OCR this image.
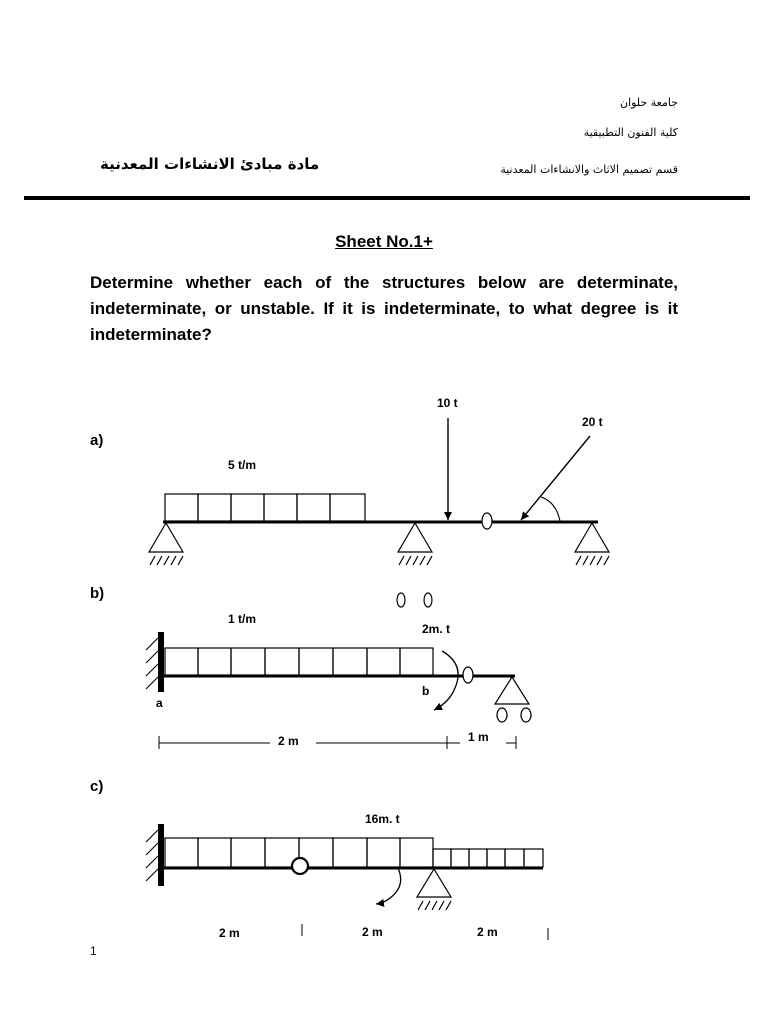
جامعة حلوان
كلية الفنون التطبيقية
قسم تصميم الاثاث والانشاءات المعدنية
مادة مبادئ الانشاءات المعدنية
Sheet No.1+
Determine whether each of the structures below are determinate, indeterminate, or unstable. If it is indeterminate, to what degree is it indeterminate?
a)
b)
c)
5 t/m
10 t
20 t
1 t/m
2m. t
a
b
2 m	1 m
16m. t
2 m	2 m	2 m
1
